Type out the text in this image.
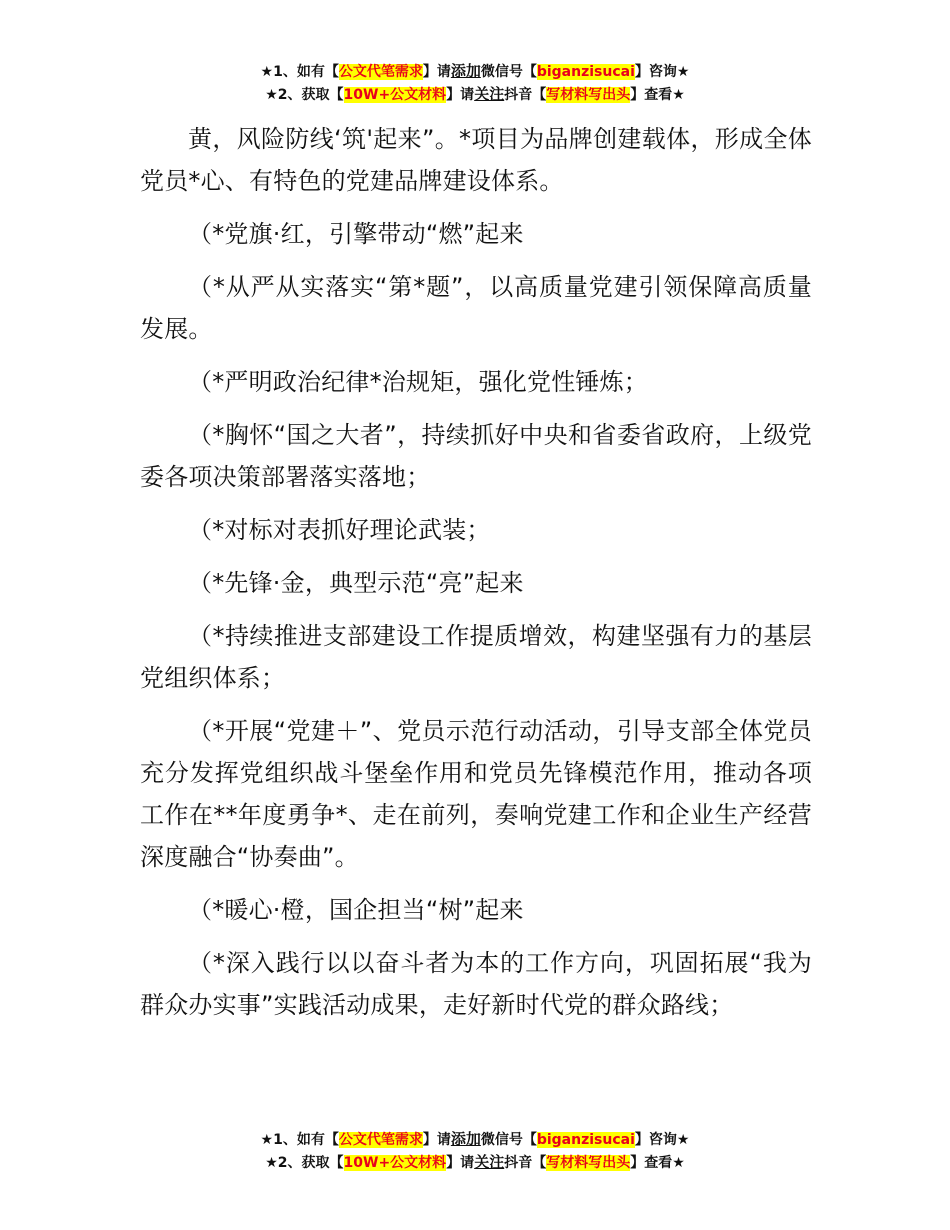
★1、如有【公文代笔需求】请添加微信号【biganzisucai】咨询★
★2、获取【10W+公文材料】请关注抖音【写材料写出头】查看★

黄，风险防线‘筑'起来”。*项目为品牌创建载体，形成全体党员*心、有特色的党建品牌建设体系。

（*党旗·红，引擎带动“燃”起来

（*从严从实落实“第*题”，以高质量党建引领保障高质量发展。

（*严明政治纪律*治规矩，强化党性锤炼；

（*胸怀“国之大者”，持续抓好中央和省委省政府，上级党委各项决策部署落实落地；

（*对标对表抓好理论武装；

（*先锋·金，典型示范“亮”起来

（*持续推进支部建设工作提质增效，构建坚强有力的基层党组织体系；

（*开展“党建＋”、党员示范行动活动，引导支部全体党员充分发挥党组织战斗堡垒作用和党员先锋模范作用，推动各项工作在**年度勇争*、走在前列，奏响党建工作和企业生产经营深度融合“协奏曲”。

（*暖心·橙，国企担当“树”起来

（*深入践行以以奋斗者为本的工作方向，巩固拓展“我为群众办实事”实践活动成果，走好新时代党的群众路线；

★1、如有【公文代笔需求】请添加微信号【biganzisucai】咨询★
★2、获取【10W+公文材料】请关注抖音【写材料写出头】查看★
